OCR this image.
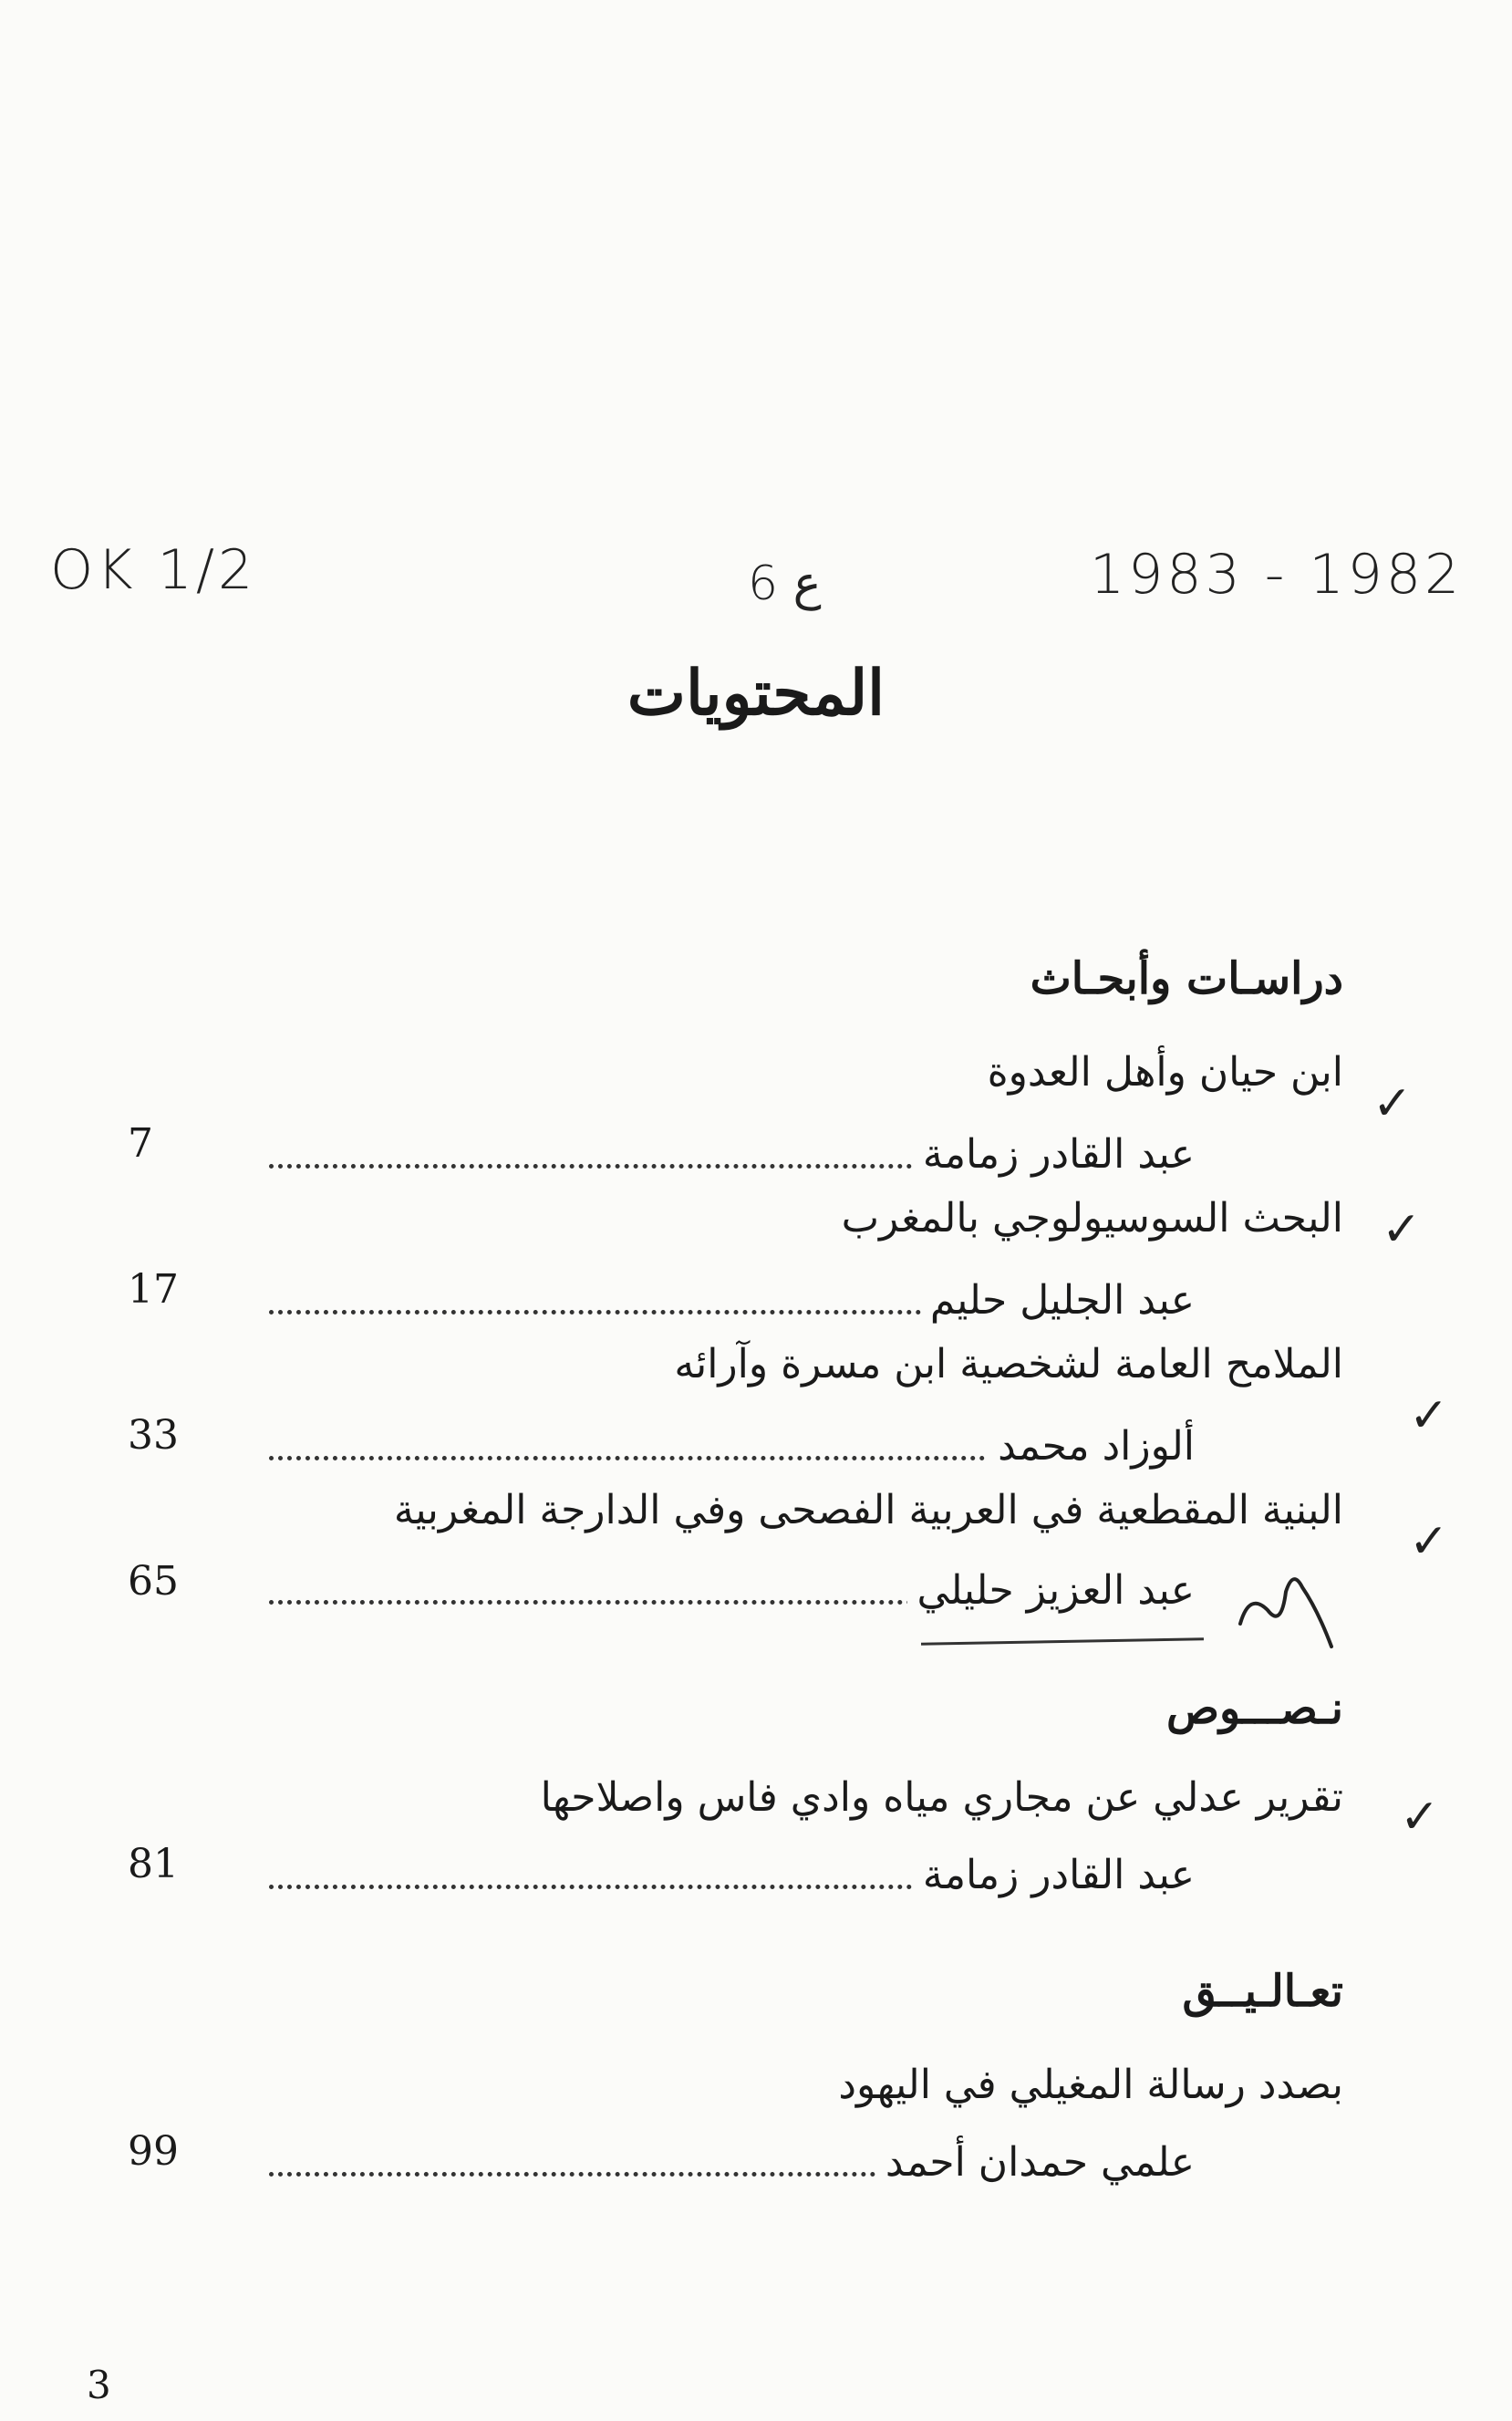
OK 1/2	6 ع	1983 - 1982
المحتويات
دراسـات وأبحـاث
ابن حيان وأهل العدوة
✓
عبد القادر زمامة
7
البحث السوسيولوجي بالمغرب ✓
عبد الجليل حليم
17
الملامح العامة لشخصية ابن مسرة وآرائه
✓
ألوزاد محمد
33
البنية المقطعية في العربية الفصحى وفي الدارجة المغربية
✓
عبد العزيز حليلي
65
نـصـــوص
تقرير عدلي عن مجاري مياه وادي فاس واصلاحها ✓
عبد القادر زمامة
81
تعـالـيــق
بصدد رسالة المغيلي في اليهود
علمي حمدان أحمد
99
3
